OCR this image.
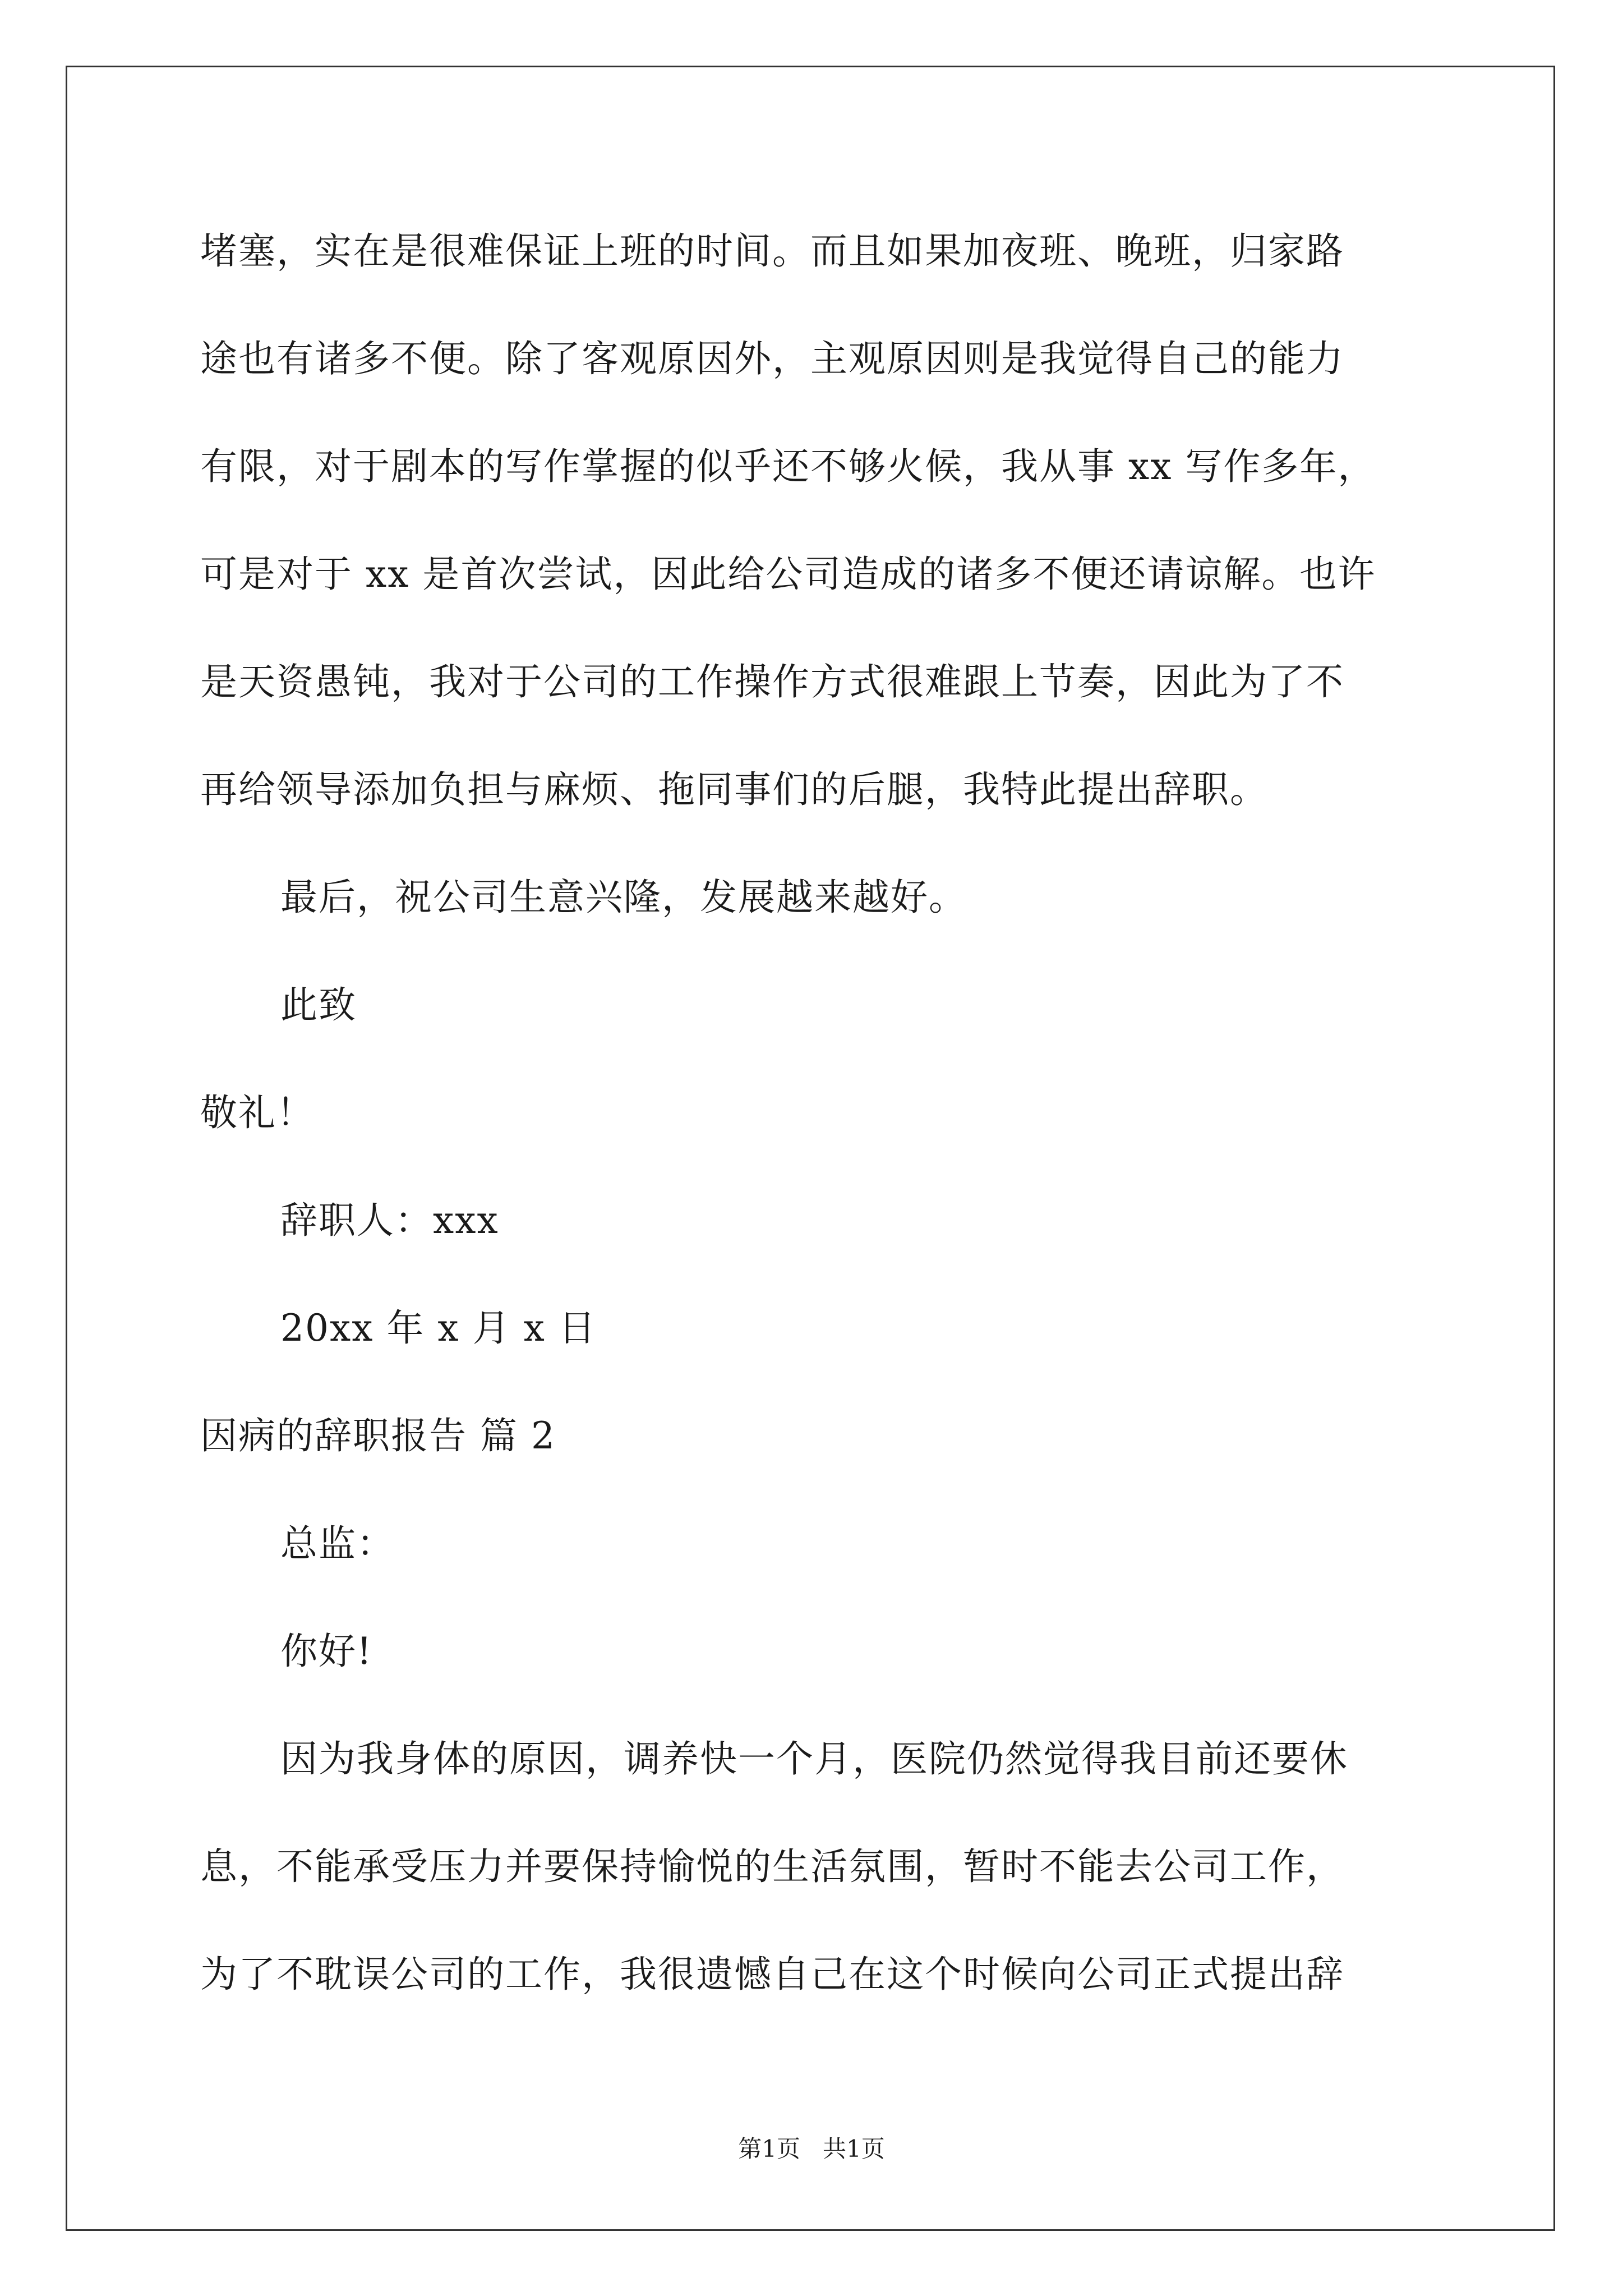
堵塞，实在是很难保证上班的时间。而且如果加夜班、晚班，归家路
途也有诸多不便。除了客观原因外，主观原因则是我觉得自己的能力
有限，对于剧本的写作掌握的似乎还不够火候，我从事 xx 写作多年，
可是对于 xx 是首次尝试，因此给公司造成的诸多不便还请谅解。也许
是天资愚钝，我对于公司的工作操作方式很难跟上节奏，因此为了不
再给领导添加负担与麻烦、拖同事们的后腿，我特此提出辞职。
最后，祝公司生意兴隆，发展越来越好。
此致
敬礼！
辞职人：xxx
20xx 年 x 月 x 日
因病的辞职报告 篇 2
总监：
你好!
因为我身体的原因，调养快一个月，医院仍然觉得我目前还要休
息，不能承受压力并要保持愉悦的生活氛围，暂时不能去公司工作，
为了不耽误公司的工作，我很遗憾自己在这个时候向公司正式提出辞
第1页   共1页
